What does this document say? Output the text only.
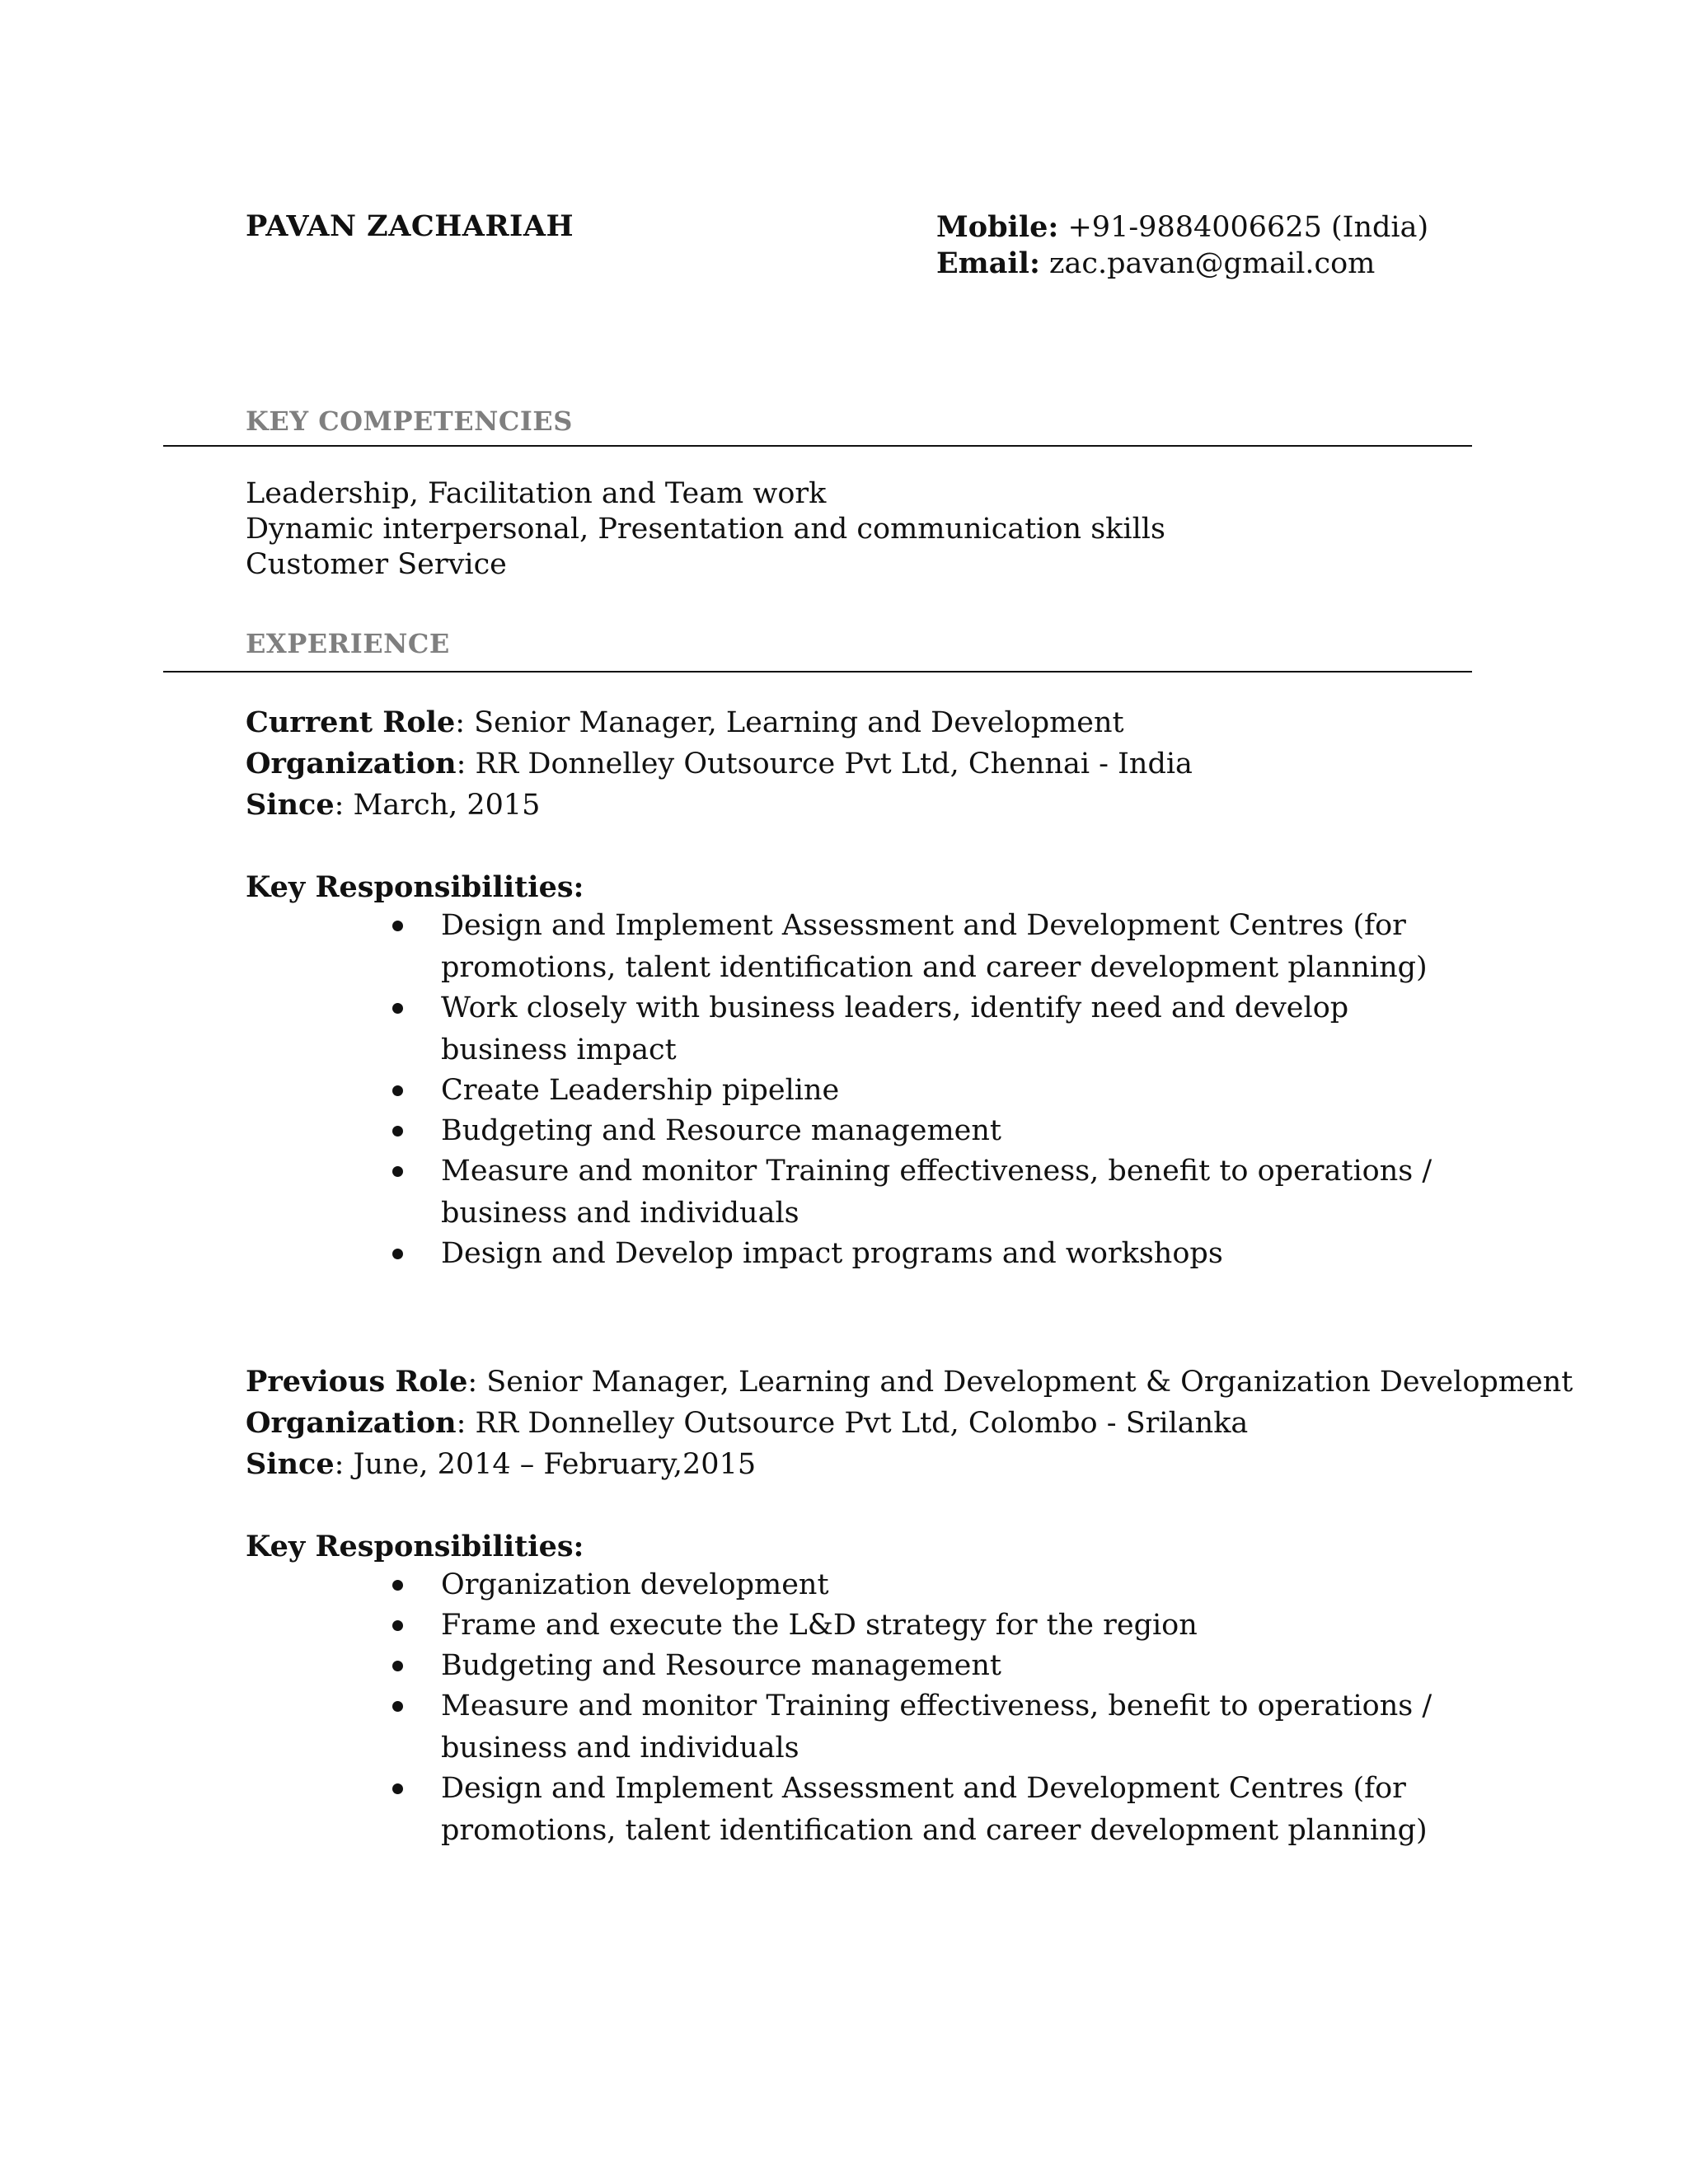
PAVAN ZACHARIAH	Mobile: +91-9884006625 (India)
Email: zac.pavan@gmail.com
KEY COMPETENCIES
Leadership, Facilitation and Team work
Dynamic interpersonal, Presentation and communication skills
Customer Service
EXPERIENCE
Current Role: Senior Manager, Learning and Development
Organization: RR Donnelley Outsource Pvt Ltd, Chennai - India
Since: March, 2015
Key Responsibilities:
Design and Implement Assessment and Development Centres (for promotions, talent identification and career development planning)
Work closely with business leaders, identify need and develop business impact
Create Leadership pipeline
Budgeting and Resource management
Measure and monitor Training effectiveness, benefit to operations / business and individuals
Design and Develop impact programs and workshops
Previous Role: Senior Manager, Learning and Development & Organization Development
Organization: RR Donnelley Outsource Pvt Ltd, Colombo - Srilanka
Since: June, 2014 – February,2015
Key Responsibilities:
Organization development
Frame and execute the L&D strategy for the region
Budgeting and Resource management
Measure and monitor Training effectiveness, benefit to operations / business and individuals
Design and Implement Assessment and Development Centres (for promotions, talent identification and career development planning)
